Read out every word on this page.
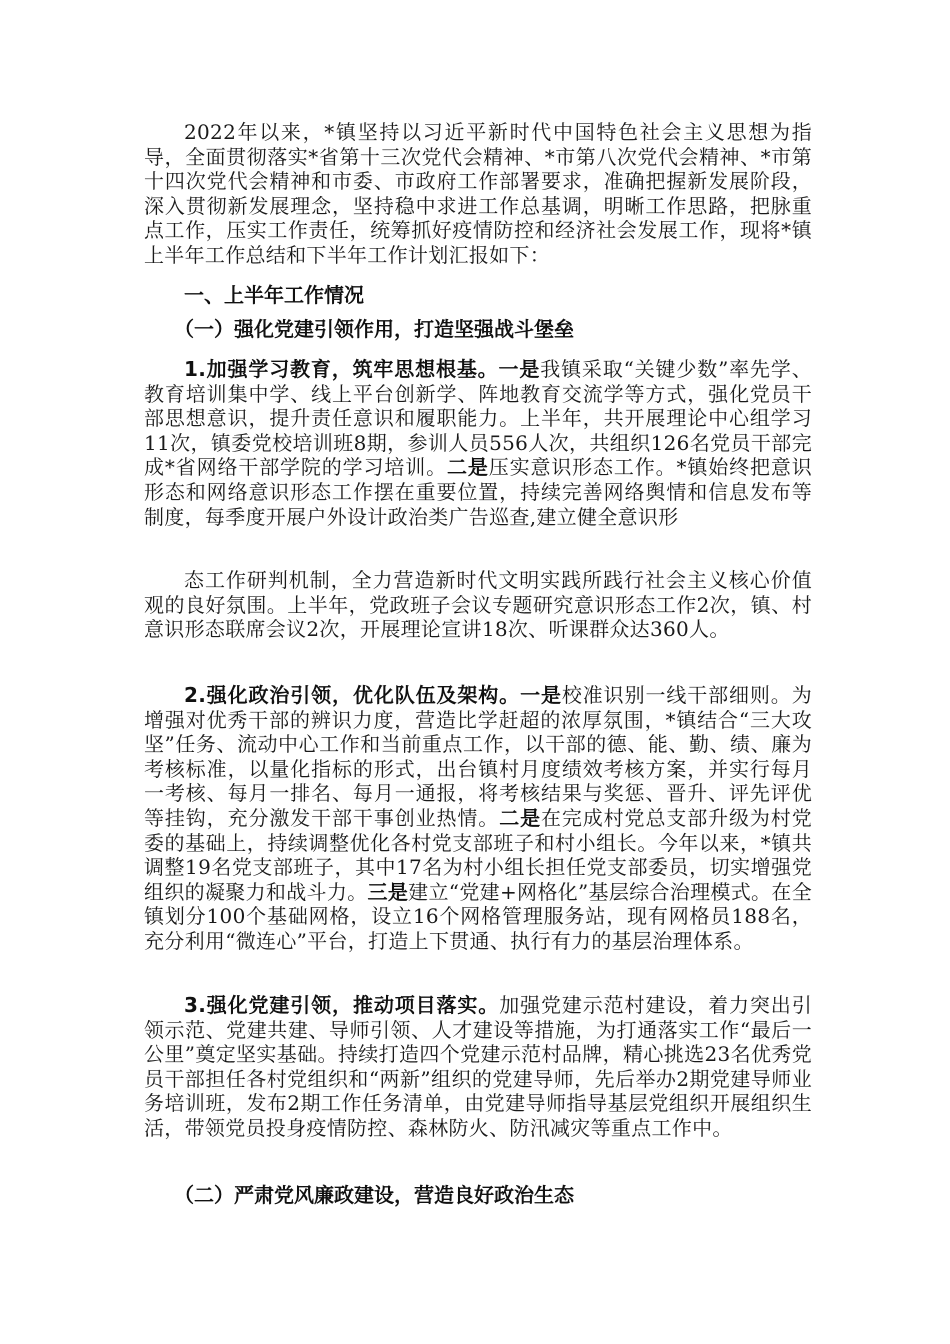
2022年以来，*镇坚持以习近平新时代中国特色社会主义思想为指导，全面贯彻落实*省第十三次党代会精神、*市第八次党代会精神、*市第十四次党代会精神和市委、市政府工作部署要求，准确把握新发展阶段，深入贯彻新发展理念，坚持稳中求进工作总基调，明晰工作思路，把脉重点工作，压实工作责任，统筹抓好疫情防控和经济社会发展工作，现将*镇上半年工作总结和下半年工作计划汇报如下：

一、上半年工作情况

（一）强化党建引领作用，打造坚强战斗堡垒

1.加强学习教育，筑牢思想根基。一是我镇采取“关键少数”率先学、教育培训集中学、线上平台创新学、阵地教育交流学等方式，强化党员干部思想意识，提升责任意识和履职能力。上半年，共开展理论中心组学习11次，镇委党校培训班8期，参训人员556人次，共组织126名党员干部完成*省网络干部学院的学习培训。二是压实意识形态工作。*镇始终把意识形态和网络意识形态工作摆在重要位置，持续完善网络舆情和信息发布等制度，每季度开展户外设计政治类广告巡查,建立健全意识形

态工作研判机制，全力营造新时代文明实践所践行社会主义核心价值观的良好氛围。上半年，党政班子会议专题研究意识形态工作2次，镇、村意识形态联席会议2次，开展理论宣讲18次、听课群众达360人。

2.强化政治引领，优化队伍及架构。一是校准识别一线干部细则。为增强对优秀干部的辨识力度，营造比学赶超的浓厚氛围，*镇结合“三大攻坚”任务、流动中心工作和当前重点工作，以干部的德、能、勤、绩、廉为考核标准，以量化指标的形式，出台镇村月度绩效考核方案，并实行每月一考核、每月一排名、每月一通报，将考核结果与奖惩、晋升、评先评优等挂钩，充分激发干部干事创业热情。二是在完成村党总支部升级为村党委的基础上，持续调整优化各村党支部班子和村小组长。今年以来，*镇共调整19名党支部班子，其中17名为村小组长担任党支部委员，切实增强党组织的凝聚力和战斗力。三是建立“党建+网格化”基层综合治理模式。在全镇划分100个基础网格，设立16个网格管理服务站，现有网格员188名，充分利用“微连心”平台，打造上下贯通、执行有力的基层治理体系。

3.强化党建引领，推动项目落实。加强党建示范村建设，着力突出引领示范、党建共建、导师引领、人才建设等措施，为打通落实工作“最后一公里”奠定坚实基础。持续打造四个党建示范村品牌，精心挑选23名优秀党员干部担任各村党组织和“两新”组织的党建导师，先后举办2期党建导师业务培训班，发布2期工作任务清单，由党建导师指导基层党组织开展组织生活，带领党员投身疫情防控、森林防火、防汛减灾等重点工作中。

（二）严肃党风廉政建设，营造良好政治生态
